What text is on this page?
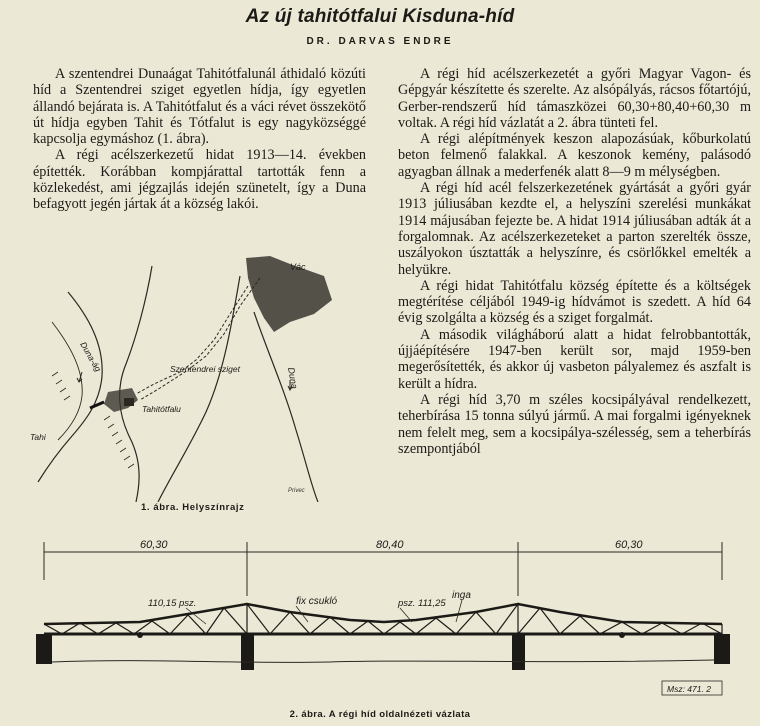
Az új tahitótfalui Kisduna-híd
DR. DARVAS ENDRE

A szentendrei Dunaágat Tahitótfalunál áthidaló közúti híd a Szentendrei sziget egyetlen hídja, így egyetlen állandó bejárata is. A Tahitótfalut és a váci révet összekötő út hídja egyben Tahit és Tótfalut is egy nagyközséggé kapcsolja egymáshoz (1. ábra).

A régi acélszerkezetű hidat 1913—14. években építették. Korábban kompjárattal tartották fenn a közlekedést, ami jégzajlás idején szünetelt, így a Duna befagyott jegén jártak át a község lakói.

A régi híd acélszerkezetét a győri Magyar Vagon- és Gépgyár készítette és szerelte. Az alsópályás, rácsos főtartójú, Gerber-rendszerű híd támaszközei 60,30+80,40+60,30 m voltak. A régi híd vázlatát a 2. ábra tünteti fel.

A régi alépítmények keszon alapozásúak, kőburkolatú beton felmenő falakkal. A keszonok kemény, palásodó agyagban állnak a mederfenék alatt 8—9 m mélységben.

A régi híd acél felszerkezetének gyártását a győri gyár 1913 júliusában kezdte el, a helyszíni szerelési munkákat 1914 májusában fejezte be. A hidat 1914 júliusában adták át a forgalomnak. Az acélszerkezeteket a parton szerelték össze, uszályokon úsztatták a helyszínre, és csörlőkkel emelték a helyükre.

A régi hidat Tahitótfalu község építette és a költségek megtérítése céljából 1949-ig hídvámot is szedett. A híd 64 évig szolgálta a község és a sziget forgalmát.

A második világháború alatt a hidat felrobbantották, újjáépítésére 1947-ben került sor, majd 1959-ben megerősítették, és akkor új vasbeton pályalemez és aszfalt is került a hídra.

A régi híd 3,70 m széles kocsipályával rendelkezett, teherbírása 15 tonna súlyú jármű. A mai forgalmi igényeknek nem felelt meg, sem a kocsipálya-szélesség, sem a teherbírás szempontjából

Vác
Duna-ág	Szentendrei sziget	Duna
Tahitótfalu
Tahi
Privec
1. ábra. Helyszínrajz
60,30	80,40	60,30
110,15 psz.	fix csukló	psz. 111,25
inga
Msz: 471. 2
2. ábra. A régi híd oldalnézeti vázlata
